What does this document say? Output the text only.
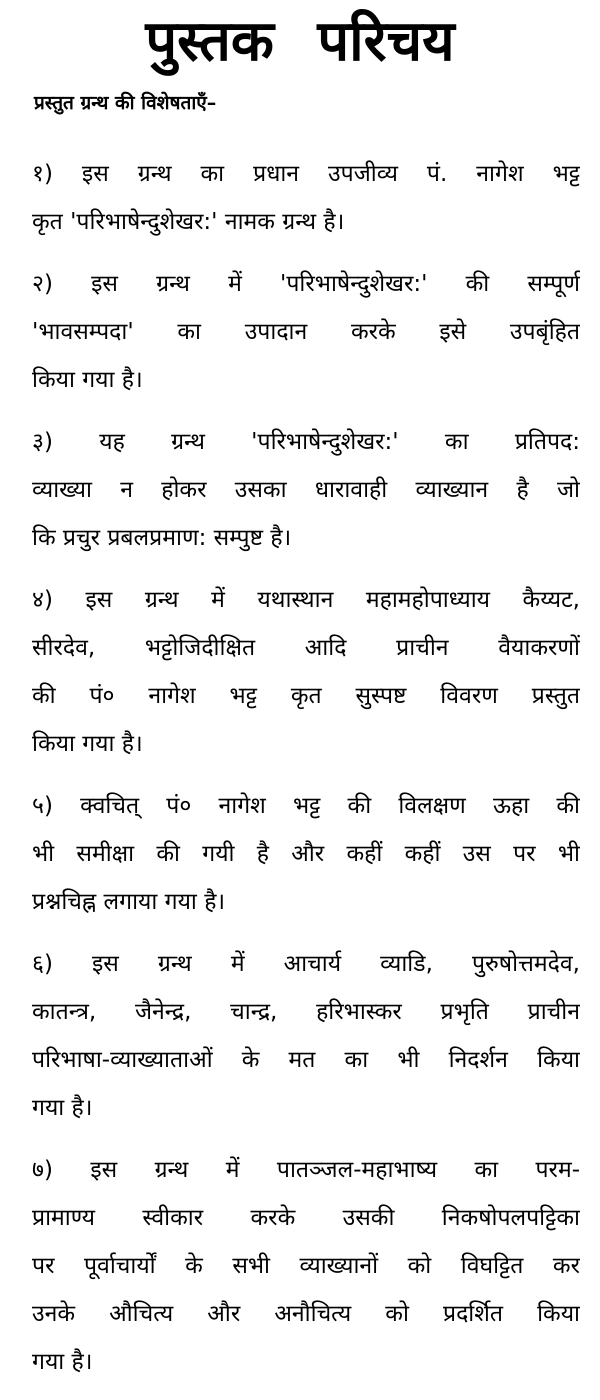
पुस्तक परिचय
प्रस्तुत ग्रन्थ की विशेषताएँ–
१) इस ग्रन्थ का प्रधान उपजीव्य पं. नागेश भट्ट
कृत 'परिभाषेन्दुशेखर:' नामक ग्रन्थ है।
२) इस ग्रन्थ में 'परिभाषेन्दुशेखर:' की सम्पूर्ण
'भावसम्पदा' का उपादान करके इसे उपबृंहित
किया गया है।
३) यह ग्रन्थ 'परिभाषेन्दुशेखर:' का प्रतिपद:
व्याख्या न होकर उसका धारावाही व्याख्यान है जो
कि प्रचुर प्रबलप्रमाण: सम्पुष्ट है।
४) इस ग्रन्थ में यथास्थान महामहोपाध्याय कैय्यट,
सीरदेव, भट्टोजिदीक्षित आदि प्राचीन वैयाकरणों
की पं० नागेश भट्ट कृत सुस्पष्ट विवरण प्रस्तुत
किया गया है।
५) क्वचित् पं० नागेश भट्ट की विलक्षण ऊहा की
भी समीक्षा की गयी है और कहीं कहीं उस पर भी
प्रश्नचिह्न लगाया गया है।
६) इस ग्रन्थ में आचार्य व्याडि, पुरुषोत्तमदेव,
कातन्त्र, जैनेन्द्र, चान्द्र, हरिभास्कर प्रभृति प्राचीन
परिभाषा-व्याख्याताओं के मत का भी निदर्शन किया
गया है।
७) इस ग्रन्थ में पातञ्जल-महाभाष्य का परम-
प्रामाण्य स्वीकार करके उसकी निकषोपलपट्टिका
पर पूर्वाचार्यों के सभी व्याख्यानों को विघट्टित कर
उनके औचित्य और अनौचित्य को प्रदर्शित किया
गया है।
